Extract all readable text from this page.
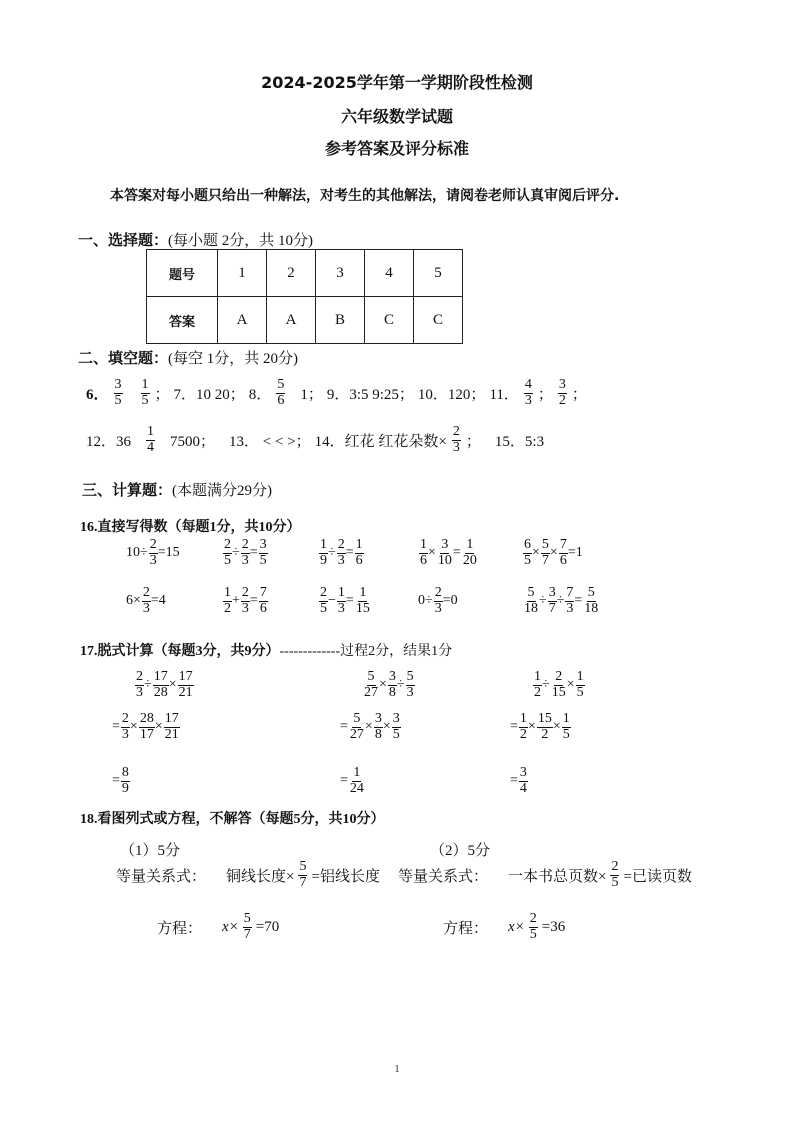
2024-2025学年第一学期阶段性检测
六年级数学试题
参考答案及评分标准
本答案对每小题只给出一种解法，对考生的其他解法，请阅卷老师认真审阅后评分.
一、选择题：(每小题 2分，共 10分)
题号	1	2	3	4	5
答案	A	A	B	C	C
二、填空题：(每空 1分，共 20分)
6． $\frac{3}{5} \frac{1}{5}$ ； 7．10 20； 8． $\frac{5}{6} 1$； 9．3:5 9:25； 10．120； 11． $\frac{4}{3}$ ； $\frac{3}{2}$ ；
12．$36 \frac{1}{4} 7500$； 13． < < >； 14．红花 红花朵数× $\frac{2}{3}$ ； 15．5:3
三、计算题：(本题满分29分)
16.直接写得数（每题1分，共10分）
$10\div \frac{2}{3} =15$	$\frac{2}{5} \div \frac{2}{3} = \frac{3}{5}$	$\frac{1}{9} \div \frac{2}{3} = \frac{1}{6}$	$\frac{1}{6} \times \frac{3}{10} = \frac{1}{20}$	$\frac{6}{5} \times \frac{5}{7} \times \frac{7}{6} =1$
$6\times \frac{2}{3} =4$	$\frac{1}{2} + \frac{2}{3} = \frac{7}{6}$	$\frac{2}{5} - \frac{1}{3} = \frac{1}{15}$	$0\div \frac{2}{3} =0$	$\frac{5}{18} \div \frac{3}{7} \div \frac{7}{3} = \frac{5}{18}$
17.脱式计算（每题3分，共9分）-------------过程2分，结果1分
$\frac{2}{3} \div \frac{17}{28} \times \frac{17}{21}$
= $\frac{2}{3} \times \frac{28}{17} \times \frac{17}{21}$
= $\frac{8}{9}$
$\frac{5}{27} \times \frac{3}{8} \div \frac{5}{3}$
= $\frac{5}{27} \times \frac{3}{8} \times \frac{3}{5}$
= $\frac{1}{24}$
$\frac{1}{2} \div \frac{2}{15} \times \frac{1}{5}$
= $\frac{1}{2} \times \frac{15}{2} \times \frac{1}{5}$
= $\frac{3}{4}$
18.看图列式或方程，不解答（每题5分，共10分）
（1）5分	（2）5分
等量关系式： 铜线长度× $\frac{5}{7}$ =铝线长度 等量关系式： 一本书总页数× $\frac{2}{5}$ =已读页数
方程： $x\times \frac{5}{7} =70$	方程： $x\times \frac{2}{5} =36$
1
